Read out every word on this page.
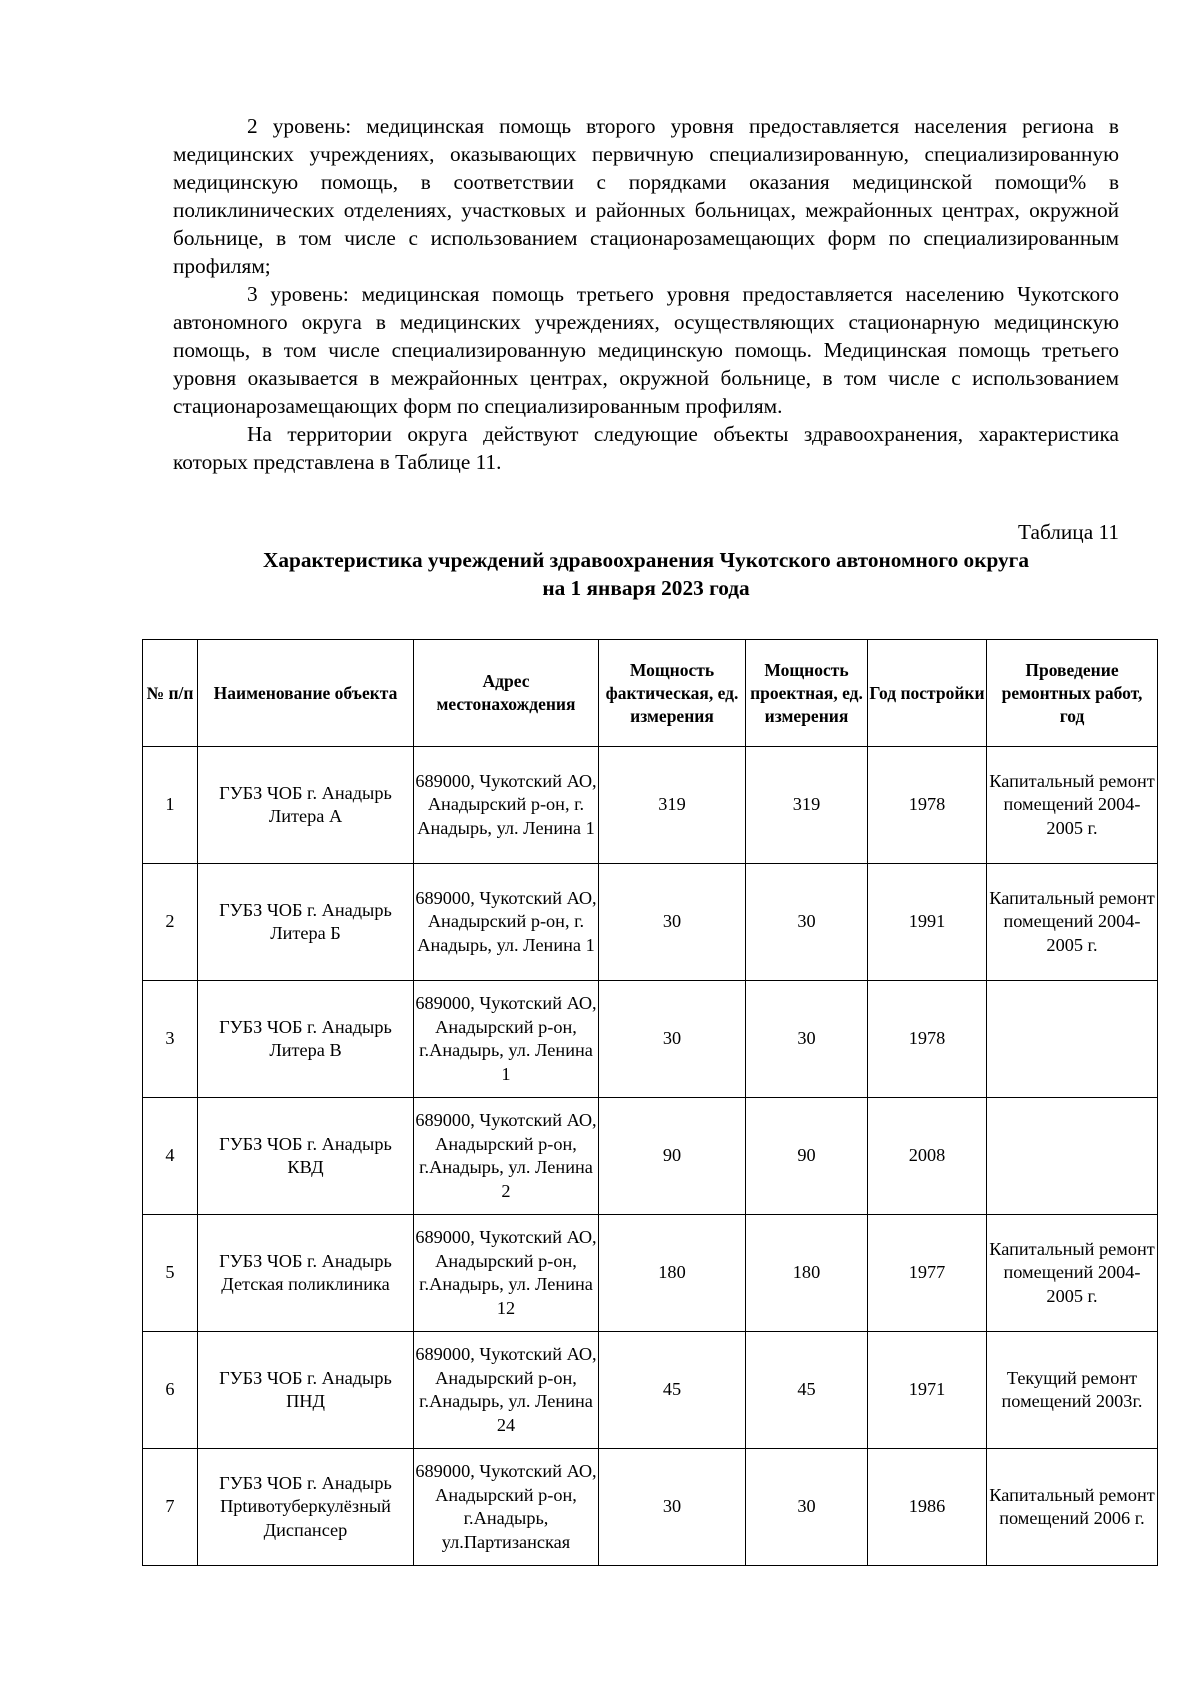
2 уровень: медицинская помощь второго уровня предоставляется населения региона в медицинских учреждениях, оказывающих первичную специализированную, специализированную медицинскую помощь, в соответствии с порядками оказания медицинской помощи% в поликлинических отделениях, участковых и районных больницах, межрайонных центрах, окружной больнице, в том числе с использованием стационарозамещающих форм по специализированным профилям;

3 уровень: медицинская помощь третьего уровня предоставляется населению Чукотского автономного округа в медицинских учреждениях, осуществляющих стационарную медицинскую помощь, в том числе специализированную медицинскую помощь. Медицинская помощь третьего уровня оказывается в межрайонных центрах, окружной больнице, в том числе с использованием стационарозамещающих форм по специализированным профилям.

На территории округа действуют следующие объекты здравоохранения, характеристика которых представлена в Таблице 11.

Таблица 11

Характеристика учреждений здравоохранения Чукотского автономного округа

на 1 января 2023 года

№ п/п	Наименование объекта	Адрес местонахождения	Мощность фактическая, ед. измерения	Мощность проектная, ед. измерения	Год постройки	Проведение ремонтных работ, год
1	ГУБЗ ЧОБ г. Анадырь Литера А	689000, Чукотский АО, Анадырский р-он, г. Анадырь, ул. Ленина 1	319	319	1978	Капитальный ремонт помещений 2004-2005 г.
2	ГУБЗ ЧОБ г. Анадырь Литера Б	689000, Чукотский АО, Анадырский р-он, г. Анадырь, ул. Ленина 1	30	30	1991	Капитальный ремонт помещений 2004-2005 г.
3	ГУБЗ ЧОБ г. Анадырь Литера В	689000, Чукотский АО, Анадырский р-он, г.Анадырь, ул. Ленина 1	30	30	1978	
4	ГУБЗ ЧОБ г. Анадырь КВД	689000, Чукотский АО, Анадырский р-он, г.Анадырь, ул. Ленина 2	90	90	2008	
5	ГУБЗ ЧОБ г. Анадырь Детская поликлиника	689000, Чукотский АО, Анадырский р-он, г.Анадырь, ул. Ленина 12	180	180	1977	Капитальный ремонт помещений 2004-2005 г.
6	ГУБЗ ЧОБ г. Анадырь ПНД	689000, Чукотский АО, Анадырский р-он, г.Анадырь, ул. Ленина 24	45	45	1971	Текущий ремонт помещений 2003г.
7	ГУБЗ ЧОБ г. Анадырь Прtивотуберкулёзный Диспансер	689000, Чукотский АО, Анадырский р-он, г.Анадырь, ул.Партизанская	30	30	1986	Капитальный ремонт помещений 2006 г.
